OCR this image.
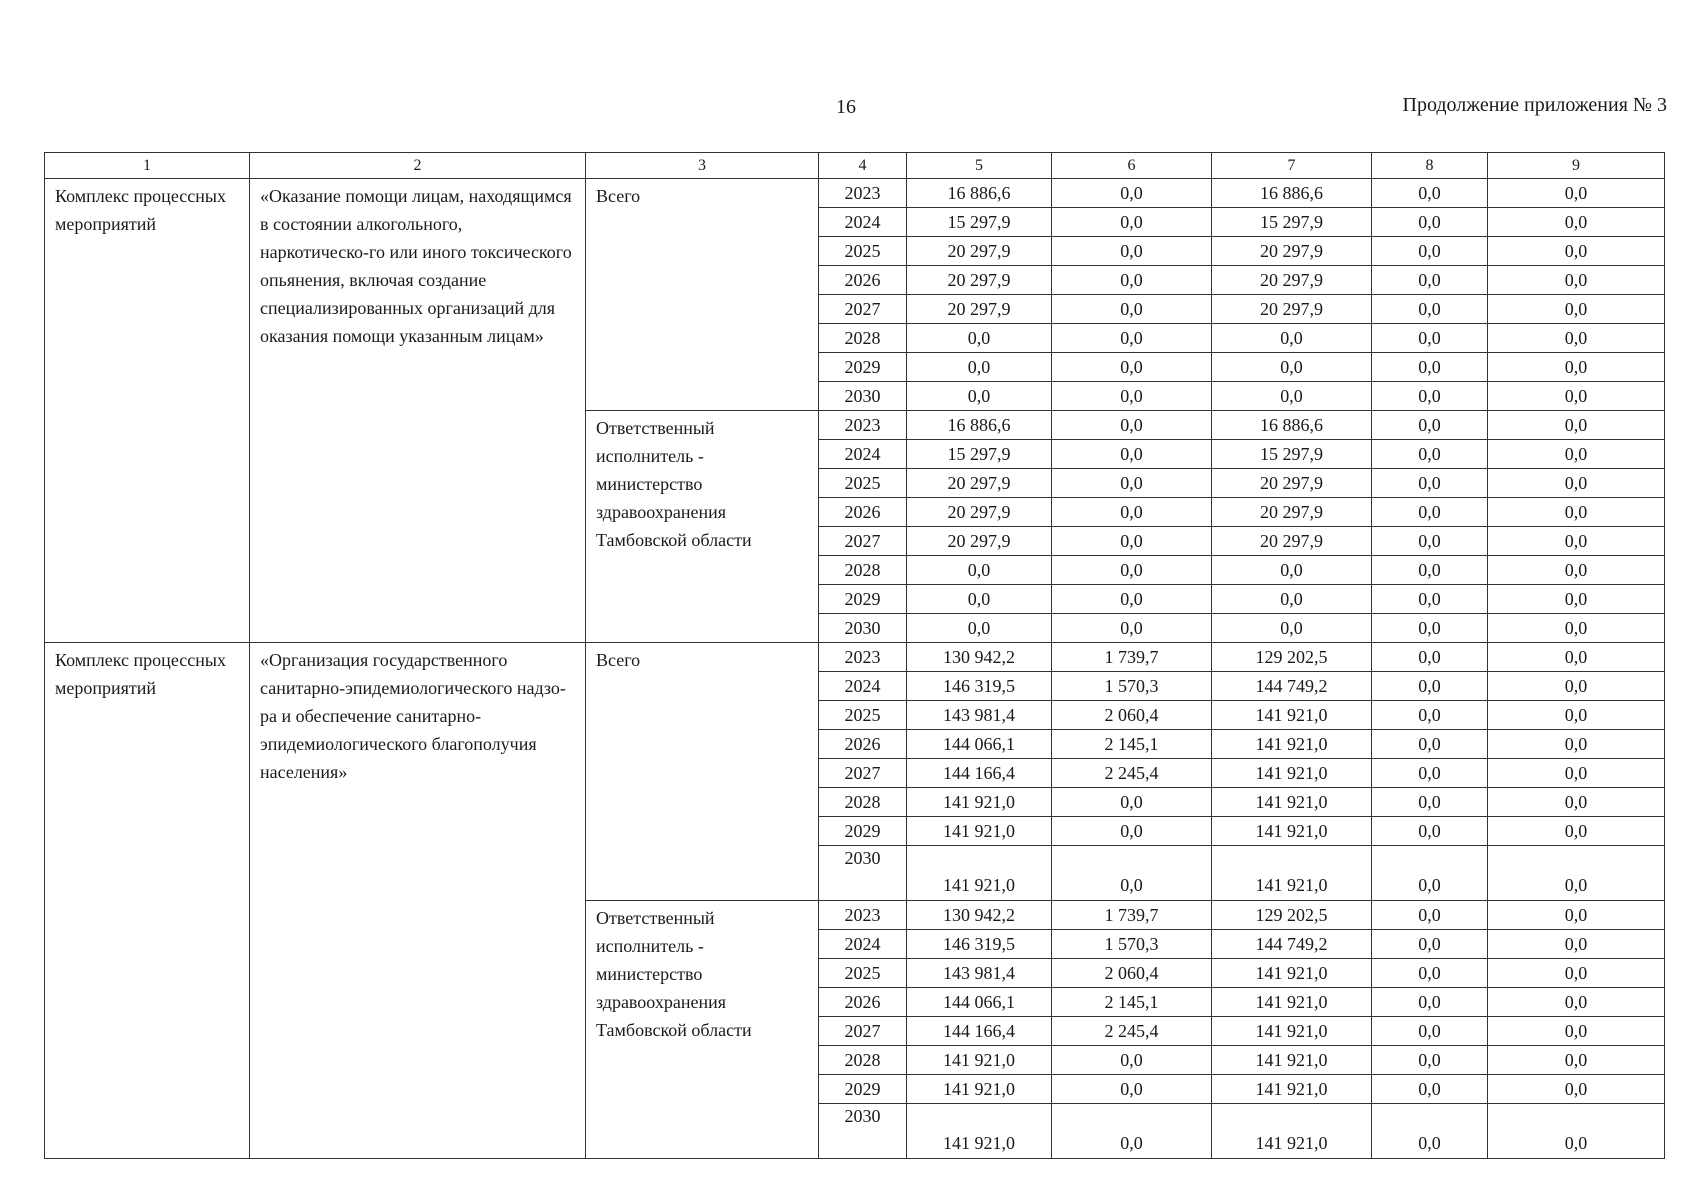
16	Продолжение приложения № 3
1	2	3	4	5	6	7	8	9
Комплекс процессных мероприятий	«Оказание помощи лицам, находящимся в состоянии алкогольного, наркотическо-го или иного токсического опьянения, включая создание специализированных организаций для оказания помощи указанным лицам»	Всего	2023	16 886,6	0,0	16 886,6	0,0	0,0
			2024	15 297,9	0,0	15 297,9	0,0	0,0
			2025	20 297,9	0,0	20 297,9	0,0	0,0
			2026	20 297,9	0,0	20 297,9	0,0	0,0
			2027	20 297,9	0,0	20 297,9	0,0	0,0
			2028	0,0	0,0	0,0	0,0	0,0
			2029	0,0	0,0	0,0	0,0	0,0
			2030	0,0	0,0	0,0	0,0	0,0
		Ответственный исполнитель - министерство здравоохранения Тамбовской области	2023	16 886,6	0,0	16 886,6	0,0	0,0
			2024	15 297,9	0,0	15 297,9	0,0	0,0
			2025	20 297,9	0,0	20 297,9	0,0	0,0
			2026	20 297,9	0,0	20 297,9	0,0	0,0
			2027	20 297,9	0,0	20 297,9	0,0	0,0
			2028	0,0	0,0	0,0	0,0	0,0
			2029	0,0	0,0	0,0	0,0	0,0
			2030	0,0	0,0	0,0	0,0	0,0
Комплекс процессных мероприятий	«Организация государственного санитарно-эпидемиологического надзо-ра и обеспечение санитарно-эпидемиологического благополучия населения»	Всего	2023	130 942,2	1 739,7	129 202,5	0,0	0,0
			2024	146 319,5	1 570,3	144 749,2	0,0	0,0
			2025	143 981,4	2 060,4	141 921,0	0,0	0,0
			2026	144 066,1	2 145,1	141 921,0	0,0	0,0
			2027	144 166,4	2 245,4	141 921,0	0,0	0,0
			2028	141 921,0	0,0	141 921,0	0,0	0,0
			2029	141 921,0	0,0	141 921,0	0,0	0,0
			2030	141 921,0	0,0	141 921,0	0,0	0,0
		Ответственный исполнитель - министерство здравоохранения Тамбовской области	2023	130 942,2	1 739,7	129 202,5	0,0	0,0
			2024	146 319,5	1 570,3	144 749,2	0,0	0,0
			2025	143 981,4	2 060,4	141 921,0	0,0	0,0
			2026	144 066,1	2 145,1	141 921,0	0,0	0,0
			2027	144 166,4	2 245,4	141 921,0	0,0	0,0
			2028	141 921,0	0,0	141 921,0	0,0	0,0
			2029	141 921,0	0,0	141 921,0	0,0	0,0
			2030	141 921,0	0,0	141 921,0	0,0	0,0
